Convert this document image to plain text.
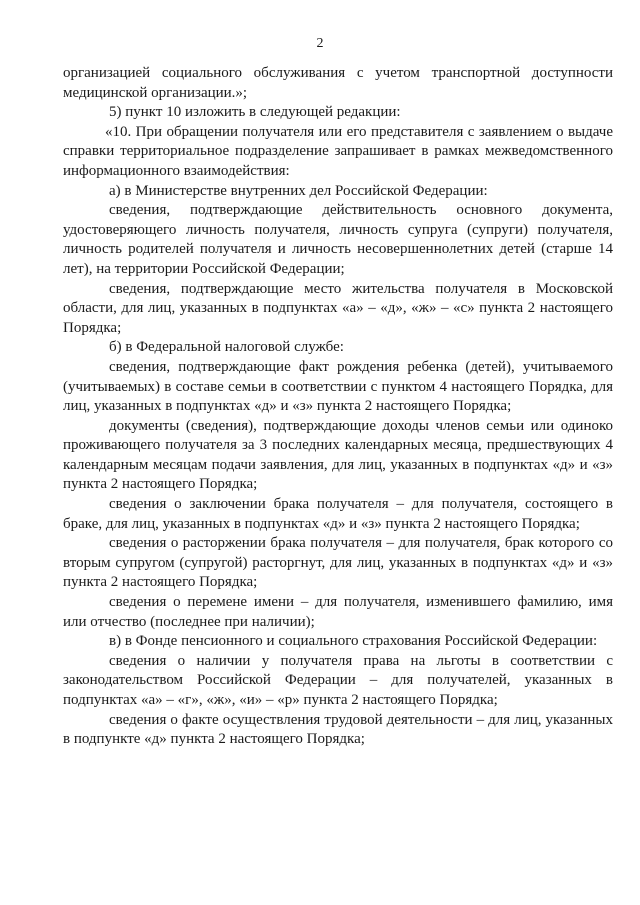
2

организацией социального обслуживания с учетом транспортной доступности медицинской организации.»;

5) пункт 10 изложить в следующей редакции:

«10. При обращении получателя или его представителя с заявлением о выдаче справки территориальное подразделение запрашивает в рамках межведомственного информационного взаимодействия:

а) в Министерстве внутренних дел Российской Федерации:

сведения, подтверждающие действительность основного документа, удостоверяющего личность получателя, личность супруга (супруги) получателя, личность родителей получателя и личность несовершеннолетних детей (старше 14 лет), на территории Российской Федерации;

сведения, подтверждающие место жительства получателя в Московской области, для лиц, указанных в подпунктах «а» – «д», «ж» – «с» пункта 2 настоящего Порядка;

б) в Федеральной налоговой службе:

сведения, подтверждающие факт рождения ребенка (детей), учитываемого (учитываемых) в составе семьи в соответствии с пунктом 4 настоящего Порядка, для лиц, указанных в подпунктах «д» и «з» пункта 2 настоящего Порядка;

документы (сведения), подтверждающие доходы членов семьи или одиноко проживающего получателя за 3 последних календарных месяца, предшествующих 4 календарным месяцам подачи заявления, для лиц, указанных в подпунктах «д» и «з» пункта 2 настоящего Порядка;

сведения о заключении брака получателя – для получателя, состоящего в браке, для лиц, указанных в подпунктах «д» и «з» пункта 2 настоящего Порядка;

сведения о расторжении брака получателя – для получателя, брак которого со вторым супругом (супругой) расторгнут, для лиц, указанных в подпунктах «д» и «з» пункта 2 настоящего Порядка;

сведения о перемене имени – для получателя, изменившего фамилию, имя или отчество (последнее при наличии);

в) в Фонде пенсионного и социального страхования Российской Федерации:

сведения о наличии у получателя права на льготы в соответствии с законодательством Российской Федерации – для получателей, указанных в подпунктах «а» – «г», «ж», «и» – «р» пункта 2 настоящего Порядка;

сведения о факте осуществления трудовой деятельности – для лиц, указанных в подпункте «д» пункта 2 настоящего Порядка;
